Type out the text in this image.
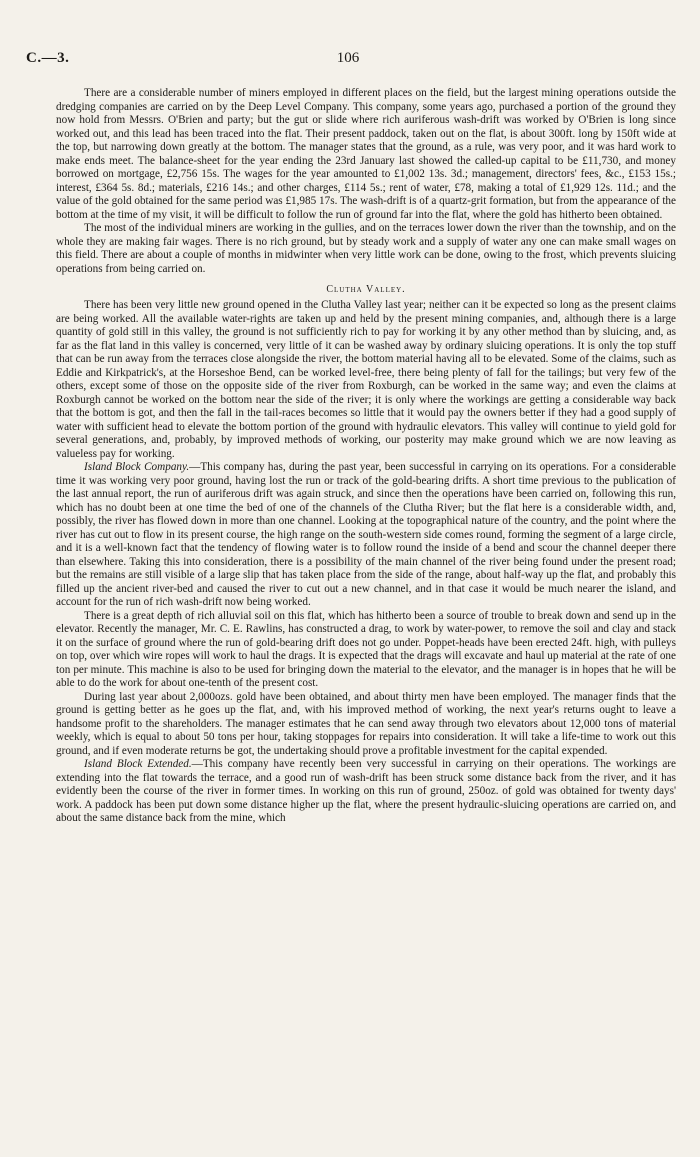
C.—3.	106

There are a considerable number of miners employed in different places on the field, but the largest mining operations outside the dredging companies are carried on by the Deep Level Company. This company, some years ago, purchased a portion of the ground they now hold from Messrs. O'Brien and party; but the gut or slide where rich auriferous wash-drift was worked by O'Brien is long since worked out, and this lead has been traced into the flat. Their present paddock, taken out on the flat, is about 300ft. long by 150ft wide at the top, but narrowing down greatly at the bottom. The manager states that the ground, as a rule, was very poor, and it was hard work to make ends meet. The balance-sheet for the year ending the 23rd January last showed the called-up capital to be £11,730, and money borrowed on mortgage, £2,756 15s. The wages for the year amounted to £1,002 13s. 3d.; management, directors' fees, &c., £153 15s.; interest, £364 5s. 8d.; materials, £216 14s.; and other charges, £114 5s.; rent of water, £78, making a total of £1,929 12s. 11d.; and the value of the gold obtained for the same period was £1,985 17s. The wash-drift is of a quartz-grit formation, but from the appearance of the bottom at the time of my visit, it will be difficult to follow the run of ground far into the flat, where the gold has hitherto been obtained.

The most of the individual miners are working in the gullies, and on the terraces lower down the river than the township, and on the whole they are making fair wages. There is no rich ground, but by steady work and a supply of water any one can make small wages on this field. There are about a couple of months in midwinter when very little work can be done, owing to the frost, which prevents sluicing operations from being carried on.

Clutha Valley.

There has been very little new ground opened in the Clutha Valley last year; neither can it be expected so long as the present claims are being worked. All the available water-rights are taken up and held by the present mining companies, and, although there is a large quantity of gold still in this valley, the ground is not sufficiently rich to pay for working it by any other method than by sluicing, and, as far as the flat land in this valley is concerned, very little of it can be washed away by ordinary sluicing operations. It is only the top stuff that can be run away from the terraces close alongside the river, the bottom material having all to be elevated. Some of the claims, such as Eddie and Kirkpatrick's, at the Horseshoe Bend, can be worked level-free, there being plenty of fall for the tailings; but very few of the others, except some of those on the opposite side of the river from Roxburgh, can be worked in the same way; and even the claims at Roxburgh cannot be worked on the bottom near the side of the river; it is only where the workings are getting a considerable way back that the bottom is got, and then the fall in the tail-races becomes so little that it would pay the owners better if they had a good supply of water with sufficient head to elevate the bottom portion of the ground with hydraulic elevators. This valley will continue to yield gold for several generations, and, probably, by improved methods of working, our posterity may make ground which we are now leaving as valueless pay for working.

Island Block Company.—This company has, during the past year, been successful in carrying on its operations. For a considerable time it was working very poor ground, having lost the run or track of the gold-bearing drifts. A short time previous to the publication of the last annual report, the run of auriferous drift was again struck, and since then the operations have been carried on, following this run, which has no doubt been at one time the bed of one of the channels of the Clutha River; but the flat here is a considerable width, and, possibly, the river has flowed down in more than one channel. Looking at the topographical nature of the country, and the point where the river has cut out to flow in its present course, the high range on the south-western side comes round, forming the segment of a large circle, and it is a well-known fact that the tendency of flowing water is to follow round the inside of a bend and scour the channel deeper there than elsewhere. Taking this into consideration, there is a possibility of the main channel of the river being found under the present road; but the remains are still visible of a large slip that has taken place from the side of the range, about half-way up the flat, and probably this filled up the ancient river-bed and caused the river to cut out a new channel, and in that case it would be much nearer the island, and account for the run of rich wash-drift now being worked.

There is a great depth of rich alluvial soil on this flat, which has hitherto been a source of trouble to break down and send up in the elevator. Recently the manager, Mr. C. E. Rawlins, has constructed a drag, to work by water-power, to remove the soil and clay and stack it on the surface of ground where the run of gold-bearing drift does not go under. Poppet-heads have been erected 24ft. high, with pulleys on top, over which wire ropes will work to haul the drags. It is expected that the drags will excavate and haul up material at the rate of one ton per minute. This machine is also to be used for bringing down the material to the elevator, and the manager is in hopes that he will be able to do the work for about one-tenth of the present cost.

During last year about 2,000ozs. gold have been obtained, and about thirty men have been employed. The manager finds that the ground is getting better as he goes up the flat, and, with his improved method of working, the next year's returns ought to leave a handsome profit to the shareholders. The manager estimates that he can send away through two elevators about 12,000 tons of material weekly, which is equal to about 50 tons per hour, taking stoppages for repairs into consideration. It will take a life-time to work out this ground, and if even moderate returns be got, the undertaking should prove a profitable investment for the capital expended.

Island Block Extended.—This company have recently been very successful in carrying on their operations. The workings are extending into the flat towards the terrace, and a good run of wash-drift has been struck some distance back from the river, and it has evidently been the course of the river in former times. In working on this run of ground, 250oz. of gold was obtained for twenty days' work. A paddock has been put down some distance higher up the flat, where the present hydraulic-sluicing operations are carried on, and about the same distance back from the mine, which
